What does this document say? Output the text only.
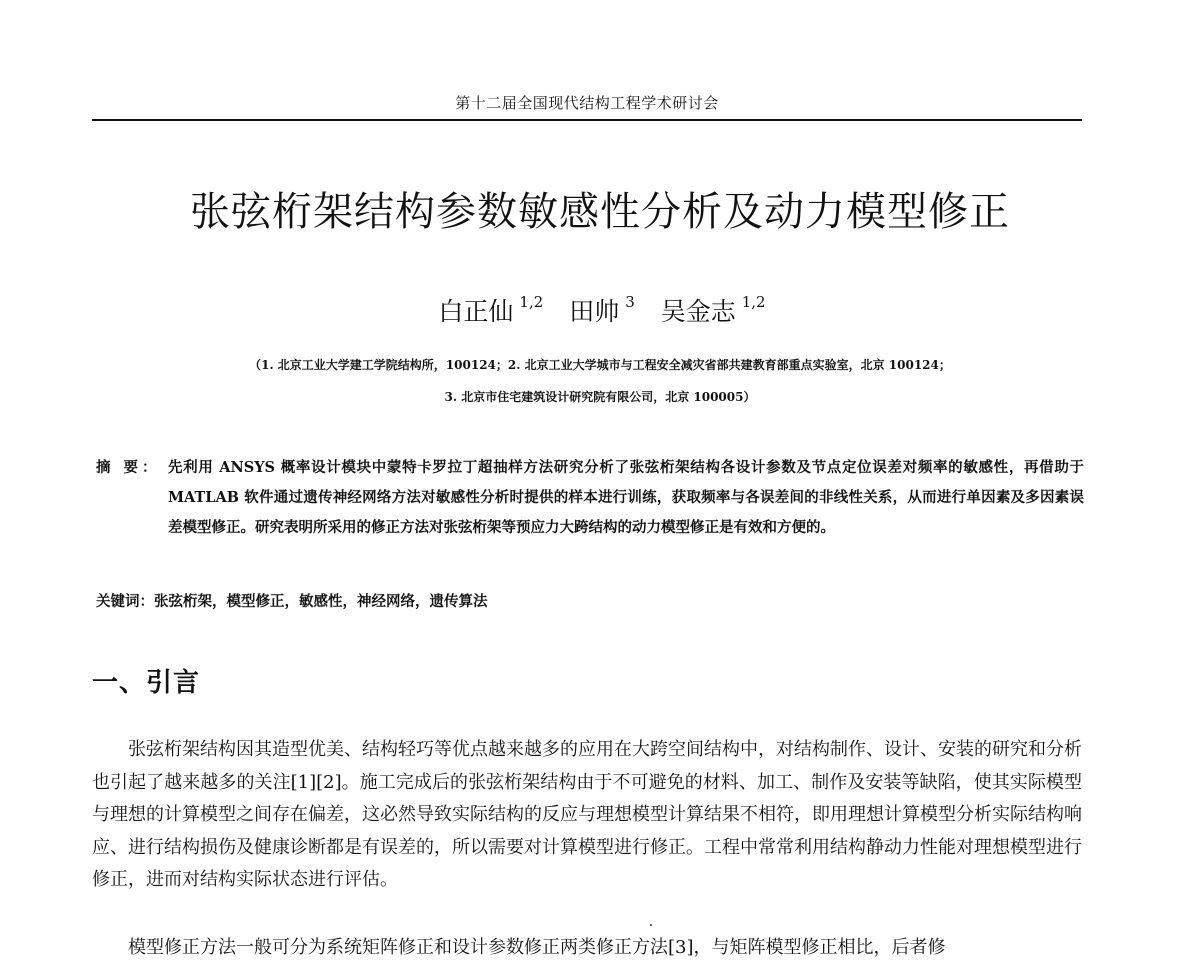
第十二届全国现代结构工程学术研讨会
张弦桁架结构参数敏感性分析及动力模型修正
白正仙 $^{1,2}$ 田帅 $^3$ 吴金志 $^{1,2}$
（1. 北京工业大学建工学院结构所，100124；2. 北京工业大学城市与工程安全减灾省部共建教育部重点实验室，北京 100124；
3. 北京市住宅建筑设计研究院有限公司，北京 100005）
摘 要： 先利用 ANSYS 概率设计模块中蒙特卡罗拉丁超抽样方法研究分析了张弦桁架结构各设计参数及节点定位误差对频率的敏感性，再借助于 MATLAB 软件通过遗传神经网络方法对敏感性分析时提供的样本进行训练，获取频率与各误差间的非线性关系，从而进行单因素及多因素误差模型修正。研究表明所采用的修正方法对张弦桁架等预应力大跨结构的动力模型修正是有效和方便的。
关键词：张弦桁架，模型修正，敏感性，神经网络，遗传算法
一、引言

张弦桁架结构因其造型优美、结构轻巧等优点越来越多的应用在大跨空间结构中，对结构制作、设计、安装的研究和分析也引起了越来越多的关注[1][2]。施工完成后的张弦桁架结构由于不可避免的材料、加工、制作及安装等缺陷，使其实际模型与理想的计算模型之间存在偏差，这必然导致实际结构的反应与理想模型计算结果不相符，即用理想计算模型分析实际结构响应、进行结构损伤及健康诊断都是有误差的，所以需要对计算模型进行修正。工程中常常利用结构静动力性能对理想模型进行修正，进而对结构实际状态进行评估。

模型修正方法一般可分为系统矩阵修正和设计参数修正两类修正方法[3]，与矩阵模型修正相比，后者修
